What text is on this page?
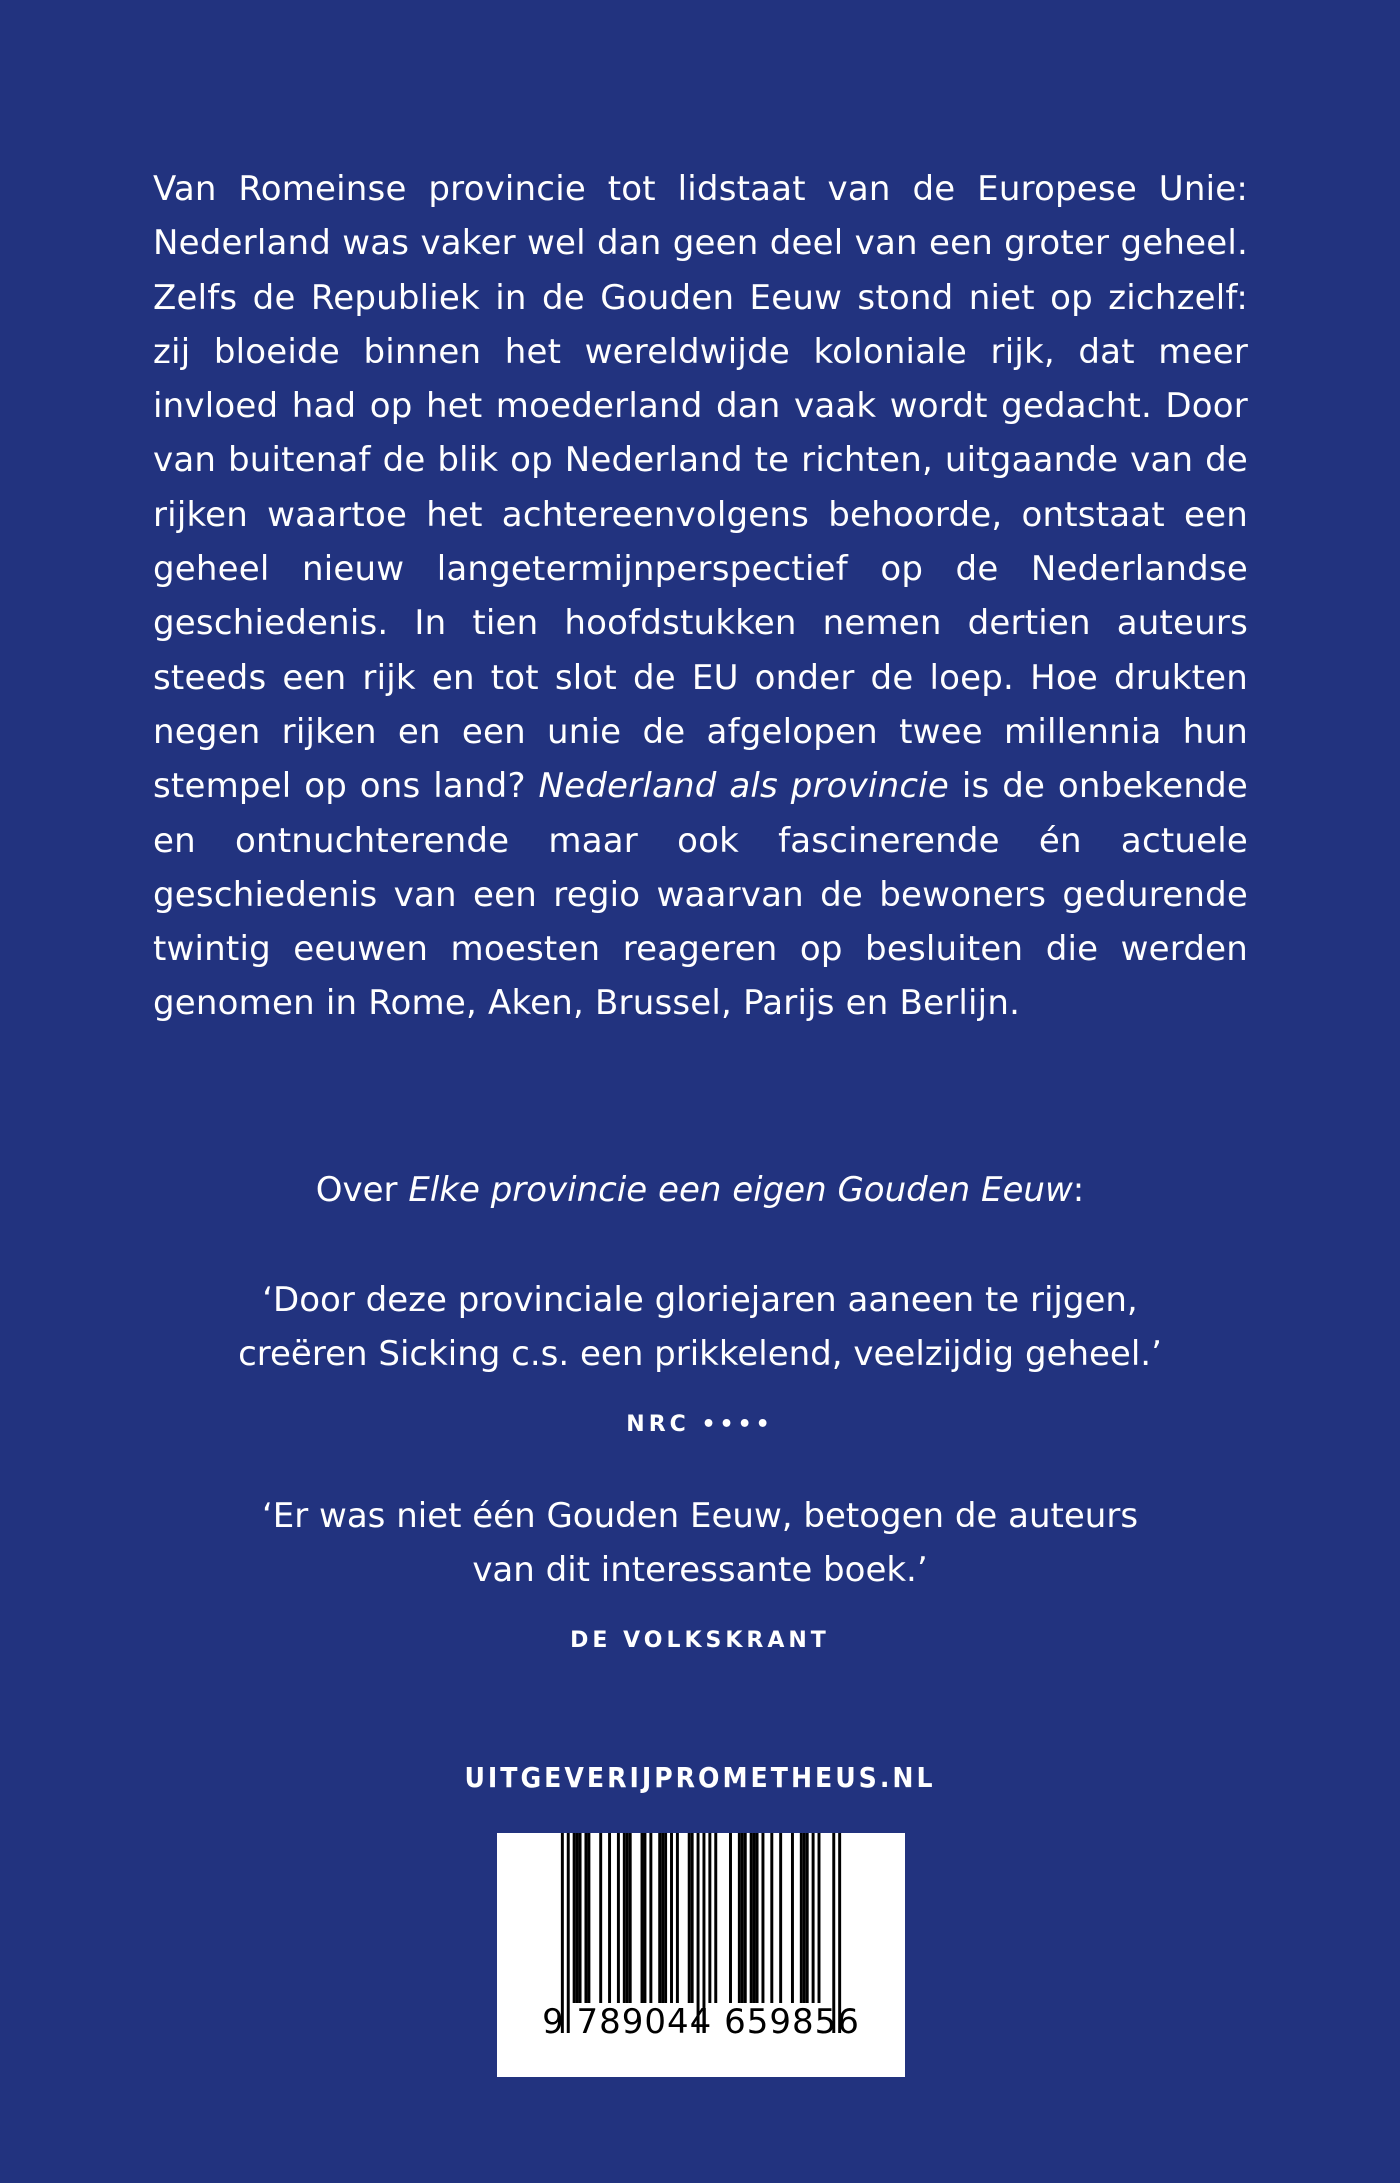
Van Romeinse provincie tot lidstaat van de Europese Unie: Nederland was vaker wel dan geen deel van een groter geheel. Zelfs de Republiek in de Gouden Eeuw stond niet op zichzelf: zij bloeide binnen het wereldwijde koloniale rijk, dat meer invloed had op het moederland dan vaak wordt gedacht. Door van buitenaf de blik op Nederland te richten, uitgaande van de rijken waartoe het achtereenvolgens behoorde, ontstaat een geheel nieuw langetermijnperspectief op de Nederlandse geschiedenis. In tien hoofdstukken nemen dertien auteurs steeds een rijk en tot slot de EU onder de loep. Hoe drukten negen rijken en een unie de afgelopen twee millennia hun stempel op ons land? Nederland als provincie is de onbekende en ontnuchterende maar ook fascinerende én actuele geschiedenis van een regio waarvan de bewoners gedurende twintig eeuwen moesten reageren op besluiten die werden genomen in Rome, Aken, Brussel, Parijs en Berlijn.
Over Elke provincie een eigen Gouden Eeuw:
‘Door deze provinciale gloriejaren aaneen te rijgen,
creëren Sicking c.s. een prikkelend, veelzijdig geheel.’
NRC ••••
‘Er was niet één Gouden Eeuw, betogen de auteurs
van dit interessante boek.’
DE VOLKSKRANT
UITGEVERIJPROMETHEUS.NL
9 789044 659856
